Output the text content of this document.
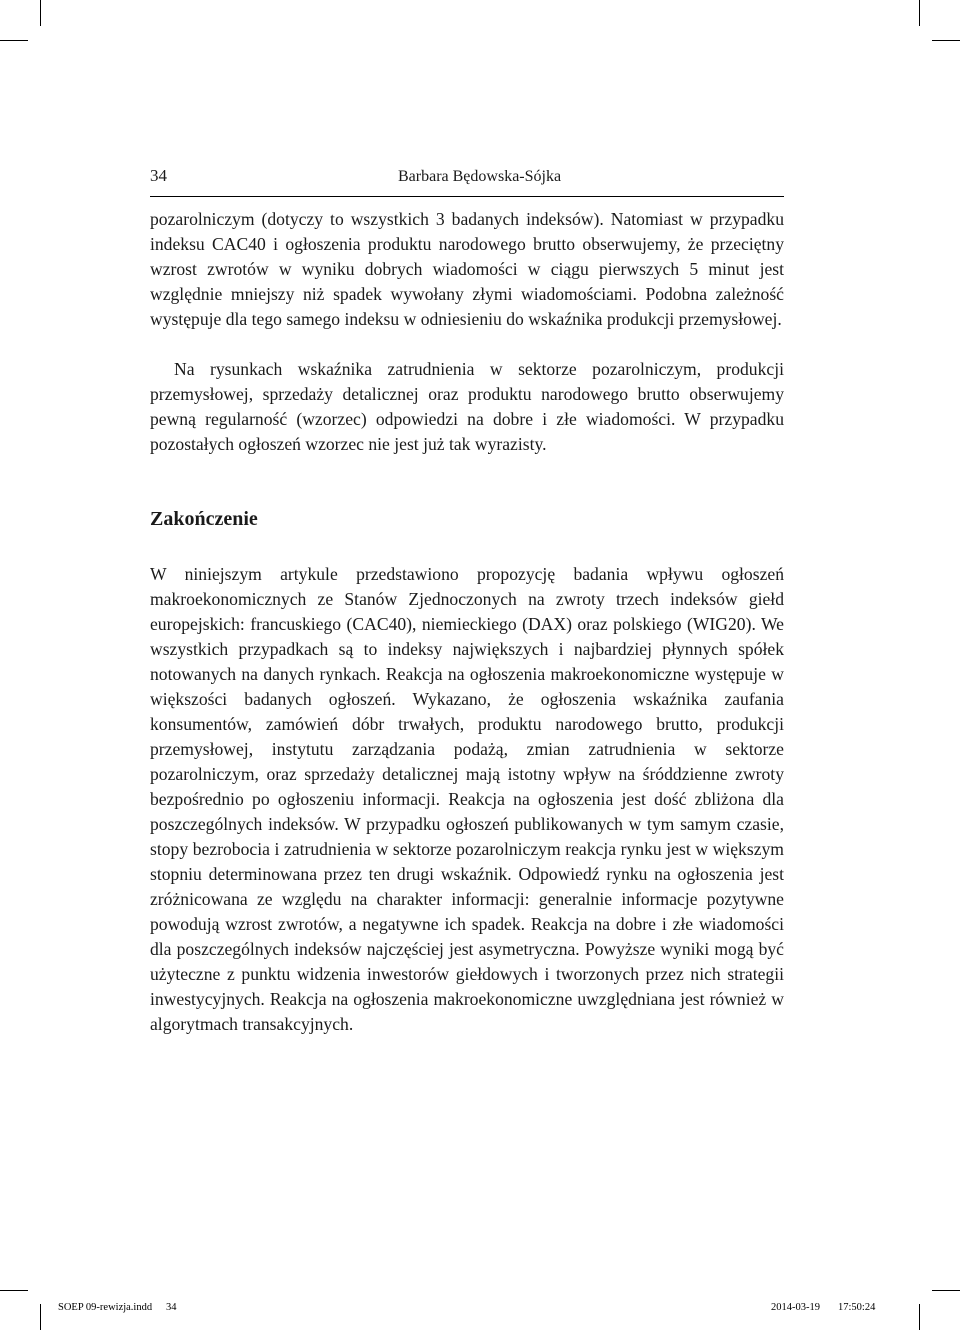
34	Barbara Będowska-Sójka

pozarolniczym (dotyczy to wszystkich 3 badanych indeksów). Natomiast w przypadku indeksu CAC40 i ogłoszenia produktu narodowego brutto obserwujemy, że przeciętny wzrost zwrotów w wyniku dobrych wiadomości w ciągu pierwszych 5 minut jest względnie mniejszy niż spadek wywołany złymi wiadomościami. Podobna zależność występuje dla tego samego indeksu w odniesieniu do wskaźnika produkcji przemysłowej.

Na rysunkach wskaźnika zatrudnienia w sektorze pozarolniczym, produkcji przemysłowej, sprzedaży detalicznej oraz produktu narodowego brutto obserwujemy pewną regularność (wzorzec) odpowiedzi na dobre i złe wiadomości. W przypadku pozostałych ogłoszeń wzorzec nie jest już tak wyrazisty.

Zakończenie

W niniejszym artykule przedstawiono propozycję badania wpływu ogłoszeń makroekonomicznych ze Stanów Zjednoczonych na zwroty trzech indeksów giełd europejskich: francuskiego (CAC40), niemieckiego (DAX) oraz polskiego (WIG20). We wszystkich przypadkach są to indeksy największych i najbardziej płynnych spółek notowanych na danych rynkach. Reakcja na ogłoszenia makroekonomiczne występuje w większości badanych ogłoszeń. Wykazano, że ogłoszenia wskaźnika zaufania konsumentów, zamówień dóbr trwałych, produktu narodowego brutto, produkcji przemysłowej, instytutu zarządzania podażą, zmian zatrudnienia w sektorze pozarolniczym, oraz sprzedaży detalicznej mają istotny wpływ na śróddzienne zwroty bezpośrednio po ogłoszeniu informacji. Reakcja na ogłoszenia jest dość zbliżona dla poszczególnych indeksów. W przypadku ogłoszeń publikowanych w tym samym czasie, stopy bezrobocia i zatrudnienia w sektorze pozarolniczym reakcja rynku jest w większym stopniu determinowana przez ten drugi wskaźnik. Odpowiedź rynku na ogłoszenia jest zróżnicowana ze względu na charakter informacji: generalnie informacje pozytywne powodują wzrost zwrotów, a negatywne ich spadek. Reakcja na dobre i złe wiadomości dla poszczególnych indeksów najczęściej jest asymetryczna. Powyższe wyniki mogą być użyteczne z punktu widzenia inwestorów giełdowych i tworzonych przez nich strategii inwestycyjnych. Reakcja na ogłoszenia makroekonomiczne uwzględniana jest również w algorytmach transakcyjnych.

SOEP 09-rewizja.indd 34	2014-03-19 17:50:24
